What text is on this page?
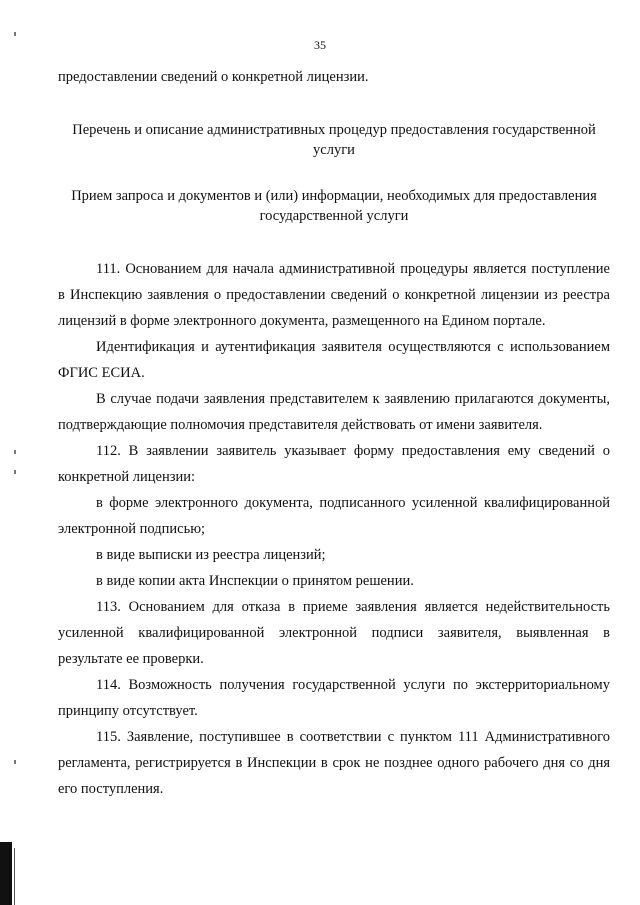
35

предоставлении сведений о конкретной лицензии.

Перечень и описание административных процедур предоставления государственной услуги

Прием запроса и документов и (или) информации, необходимых для предоставления государственной услуги

111. Основанием для начала административной процедуры является поступление в Инспекцию заявления о предоставлении сведений о конкретной лицензии из реестра лицензий в форме электронного документа, размещенного на Едином портале.

Идентификация и аутентификация заявителя осуществляются с использованием ФГИС ЕСИА.

В случае подачи заявления представителем к заявлению прилагаются документы, подтверждающие полномочия представителя действовать от имени заявителя.

112. В заявлении заявитель указывает форму предоставления ему сведений о конкретной лицензии:

в форме электронного документа, подписанного усиленной квалифицированной электронной подписью;

в виде выписки из реестра лицензий;

в виде копии акта Инспекции о принятом решении.

113. Основанием для отказа в приеме заявления является недействительность усиленной квалифицированной электронной подписи заявителя, выявленная в результате ее проверки.

114. Возможность получения государственной услуги по экстерриториальному принципу отсутствует.

115. Заявление, поступившее в соответствии с пунктом 111 Административного регламента, регистрируется в Инспекции в срок не позднее одного рабочего дня со дня его поступления.
